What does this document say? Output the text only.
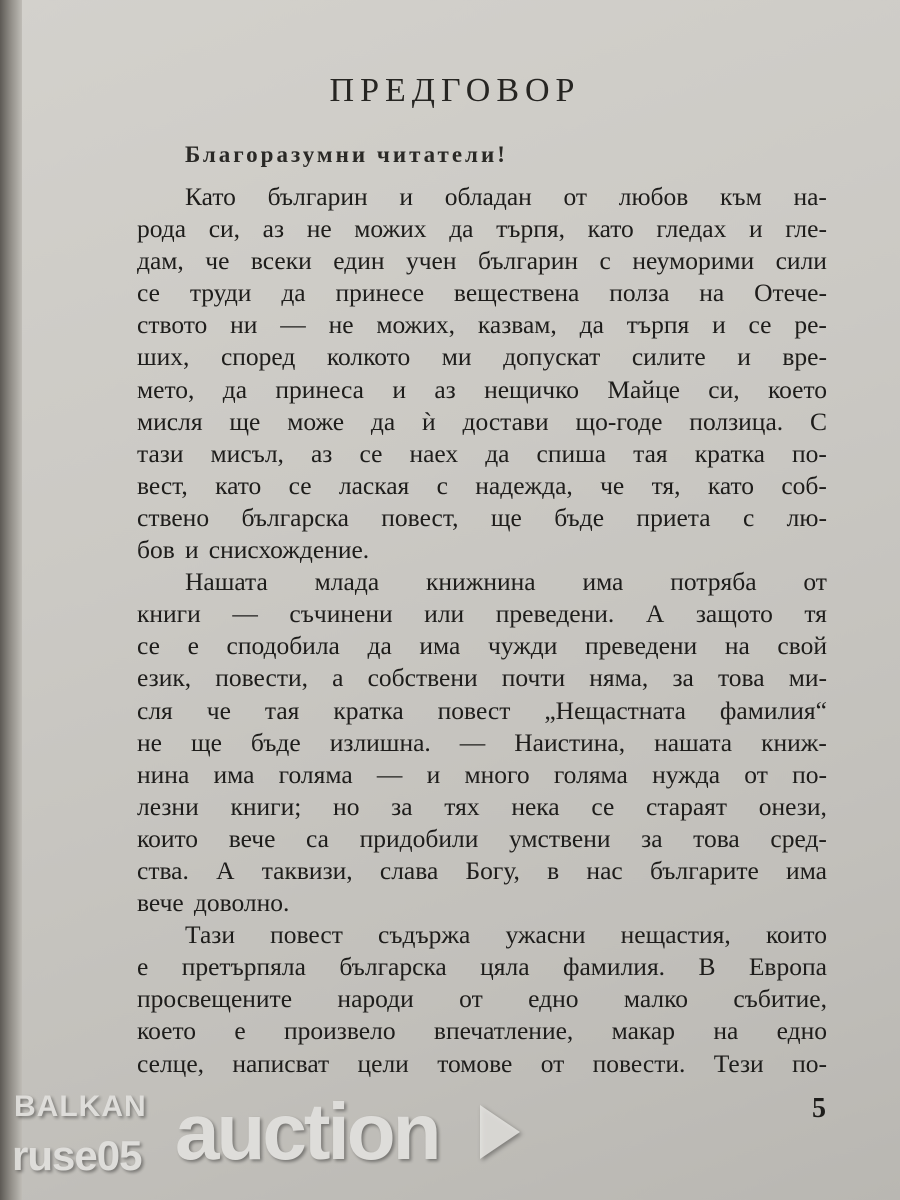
ПРЕДГОВОР
Благоразумни читатели!
Като българин и обладан от любов към на-
рода си, аз не можих да търпя, като гледах и гле-
дам, че всеки един учен българин с неуморими сили
се труди да принесе веществена полза на Отече-
ството ни — не можих, казвам, да търпя и се ре-
ших, според колкото ми допускат силите и вре-
мето, да принеса и аз нещичко Майце си, което
мисля ще може да ѝ достави що-годе ползица. С
тази мисъл, аз се наех да спиша тая кратка по-
вест, като се лаская с надежда, че тя, като соб-
ствено българска повест, ще бъде приета с лю-
бов и снисхождение.
Нашата млада книжнина има потряба от
книги — съчинени или преведени. А защото тя
се е сподобила да има чужди преведени на свой
език, повести, а собствени почти няма, за това ми-
сля че тая кратка повест „Нещастната фамилия“
не ще бъде излишна. — Наистина, нашата книж-
нина има голяма — и много голяма нужда от по-
лезни книги; но за тях нека се стараят онези,
които вече са придобили умствени за това сред-
ства. А таквизи, слава Богу, в нас българите има
вече доволно.
Тази повест съдържа ужасни нещастия, които
е претърпяла българска цяла фамилия. В Европа
просвещените народи от едно малко събитие,
което е произвело впечатление, макар на едно
селце, написват цели томове от повести. Тези по-
5
BALKAN auction
ruse05
